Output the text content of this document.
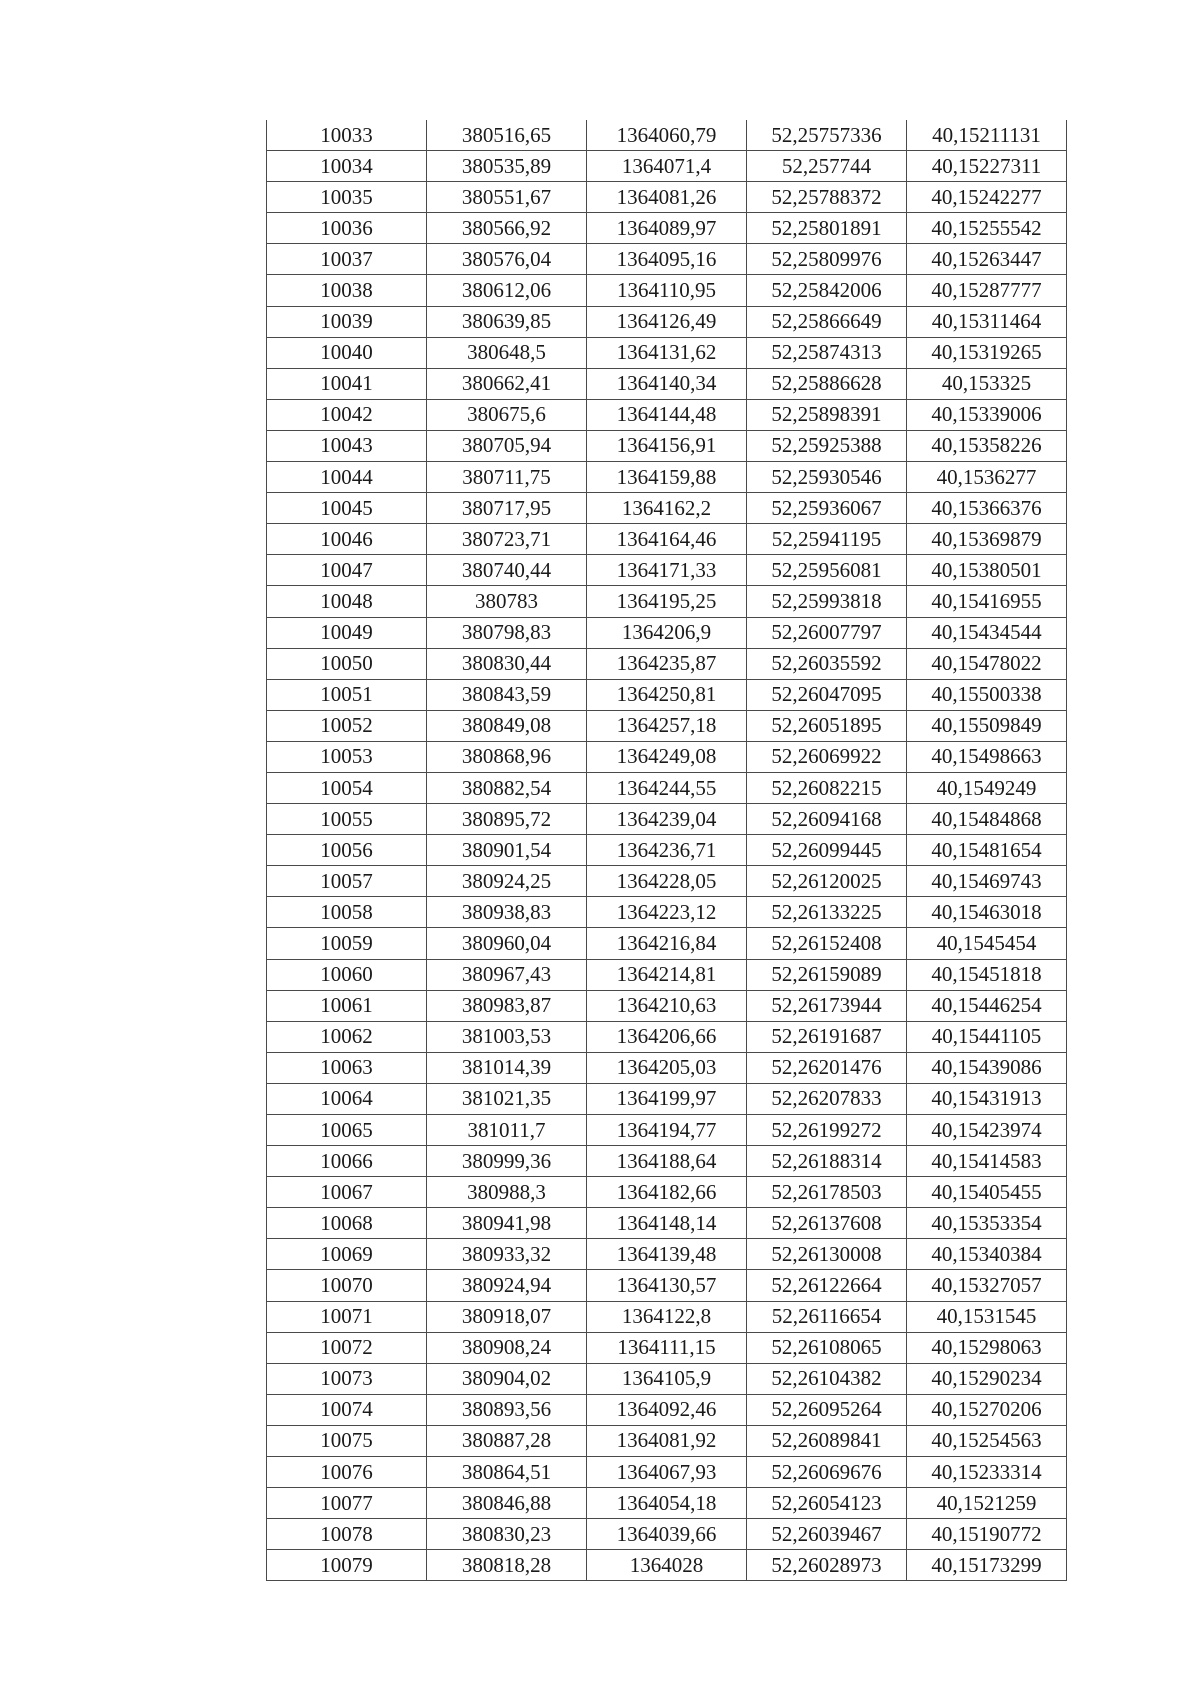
10033	380516,65	1364060,79	52,25757336	40,15211131
10034	380535,89	1364071,4	52,257744	40,15227311
10035	380551,67	1364081,26	52,25788372	40,15242277
10036	380566,92	1364089,97	52,25801891	40,15255542
10037	380576,04	1364095,16	52,25809976	40,15263447
10038	380612,06	1364110,95	52,25842006	40,15287777
10039	380639,85	1364126,49	52,25866649	40,15311464
10040	380648,5	1364131,62	52,25874313	40,15319265
10041	380662,41	1364140,34	52,25886628	40,153325
10042	380675,6	1364144,48	52,25898391	40,15339006
10043	380705,94	1364156,91	52,25925388	40,15358226
10044	380711,75	1364159,88	52,25930546	40,1536277
10045	380717,95	1364162,2	52,25936067	40,15366376
10046	380723,71	1364164,46	52,25941195	40,15369879
10047	380740,44	1364171,33	52,25956081	40,15380501
10048	380783	1364195,25	52,25993818	40,15416955
10049	380798,83	1364206,9	52,26007797	40,15434544
10050	380830,44	1364235,87	52,26035592	40,15478022
10051	380843,59	1364250,81	52,26047095	40,15500338
10052	380849,08	1364257,18	52,26051895	40,15509849
10053	380868,96	1364249,08	52,26069922	40,15498663
10054	380882,54	1364244,55	52,26082215	40,1549249
10055	380895,72	1364239,04	52,26094168	40,15484868
10056	380901,54	1364236,71	52,26099445	40,15481654
10057	380924,25	1364228,05	52,26120025	40,15469743
10058	380938,83	1364223,12	52,26133225	40,15463018
10059	380960,04	1364216,84	52,26152408	40,1545454
10060	380967,43	1364214,81	52,26159089	40,15451818
10061	380983,87	1364210,63	52,26173944	40,15446254
10062	381003,53	1364206,66	52,26191687	40,15441105
10063	381014,39	1364205,03	52,26201476	40,15439086
10064	381021,35	1364199,97	52,26207833	40,15431913
10065	381011,7	1364194,77	52,26199272	40,15423974
10066	380999,36	1364188,64	52,26188314	40,15414583
10067	380988,3	1364182,66	52,26178503	40,15405455
10068	380941,98	1364148,14	52,26137608	40,15353354
10069	380933,32	1364139,48	52,26130008	40,15340384
10070	380924,94	1364130,57	52,26122664	40,15327057
10071	380918,07	1364122,8	52,26116654	40,1531545
10072	380908,24	1364111,15	52,26108065	40,15298063
10073	380904,02	1364105,9	52,26104382	40,15290234
10074	380893,56	1364092,46	52,26095264	40,15270206
10075	380887,28	1364081,92	52,26089841	40,15254563
10076	380864,51	1364067,93	52,26069676	40,15233314
10077	380846,88	1364054,18	52,26054123	40,1521259
10078	380830,23	1364039,66	52,26039467	40,15190772
10079	380818,28	1364028	52,26028973	40,15173299
